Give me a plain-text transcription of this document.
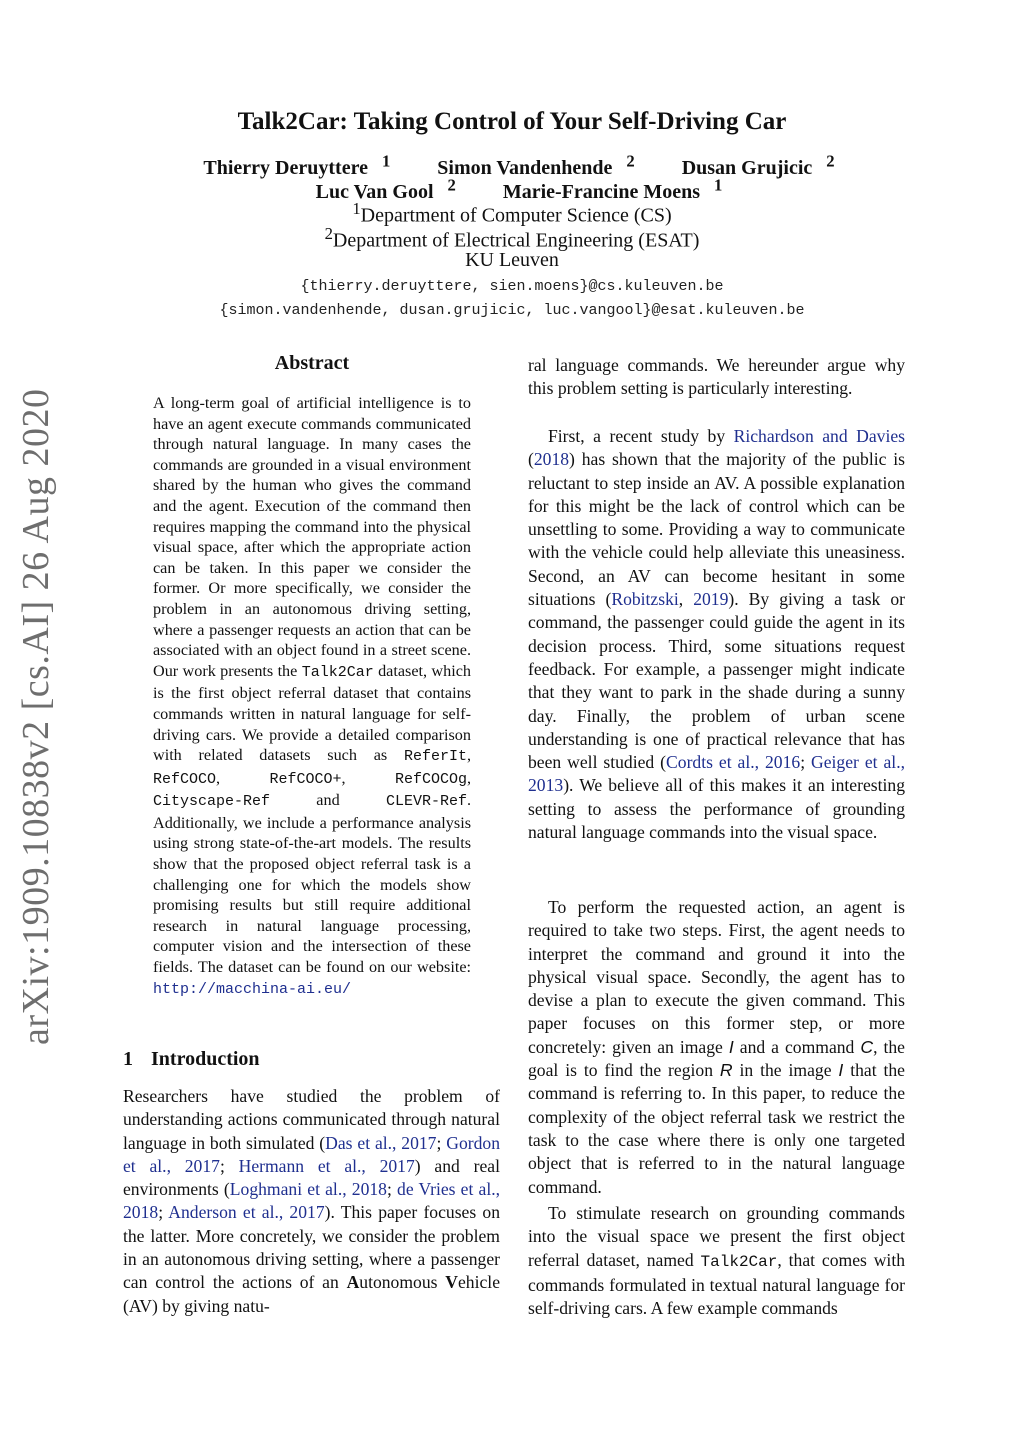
arXiv:1909.10838v2 [cs.AI] 26 Aug 2020
Talk2Car: Taking Control of Your Self-Driving Car
Thierry Deruyttere $^1$ Simon Vandenhende $^2$ Dusan Grujicic $^2$
Luc Van Gool $^2$ Marie-Francine Moens $^1$
$^1$Department of Computer Science (CS)
$^2$Department of Electrical Engineering (ESAT)
KU Leuven
{thierry.deruyttere, sien.moens}@cs.kuleuven.be
{simon.vandenhende, dusan.grujicic, luc.vangool}@esat.kuleuven.be
Abstract
A long-term goal of artificial intelligence is to have an agent execute commands communicated through natural language. In many cases the commands are grounded in a visual environment shared by the human who gives the command and the agent. Execution of the command then requires mapping the command into the physical visual space, after which the appropriate action can be taken. In this paper we consider the former. Or more specifically, we consider the problem in an autonomous driving setting, where a passenger requests an action that can be associated with an object found in a street scene. Our work presents the Talk2Car dataset, which is the first object referral dataset that contains commands written in natural language for self-driving cars. We provide a detailed comparison with related datasets such as ReferIt, RefCOCO, RefCOCO+, RefCOCOg, Cityscape-Ref	and	CLEVR-Ref. Additionally, we include a performance analysis using strong state-of-the-art models. The results show that the proposed object referral task is a challenging one for which the models show promising results but still require additional research in natural language processing, computer vision and the intersection of these fields. The dataset can be found on our website: http://macchina-ai.eu/
1 Introduction

Researchers have studied the problem of understanding actions communicated through natural language in both simulated (Das et al., 2017; Gordon et al., 2017; Hermann et al., 2017) and real environments (Loghmani et al., 2018; de Vries et al., 2018; Anderson et al., 2017). This paper focuses on the latter. More concretely, we consider the problem in an autonomous driving setting, where a passenger can control the actions of an Autonomous Vehicle (AV) by giving natu-

ral language commands. We hereunder argue why this problem setting is particularly interesting.

First, a recent study by Richardson and Davies (2018) has shown that the majority of the public is reluctant to step inside an AV. A possible explanation for this might be the lack of control which can be unsettling to some. Providing a way to communicate with the vehicle could help alleviate this uneasiness. Second, an AV can become hesitant in some situations (Robitzski, 2019). By giving a task or command, the passenger could guide the agent in its decision process. Third, some situations request feedback. For example, a passenger might indicate that they want to park in the shade during a sunny day. Finally, the problem of urban scene understanding is one of practical relevance that has been well studied (Cordts et al., 2016; Geiger et al., 2013). We believe all of this makes it an interesting setting to assess the performance of grounding natural language commands into the visual space.

To perform the requested action, an agent is required to take two steps. First, the agent needs to interpret the command and ground it into the physical visual space. Secondly, the agent has to devise a plan to execute the given command. This paper focuses on this former step, or more concretely: given an image I and a command C, the goal is to find the region R in the image I that the command is referring to. In this paper, to reduce the complexity of the object referral task we restrict the task to the case where there is only one targeted object that is referred to in the natural language command.

To stimulate research on grounding commands into the visual space we present the first object referral dataset, named Talk2Car, that comes with commands formulated in textual natural language for self-driving cars. A few example commands
